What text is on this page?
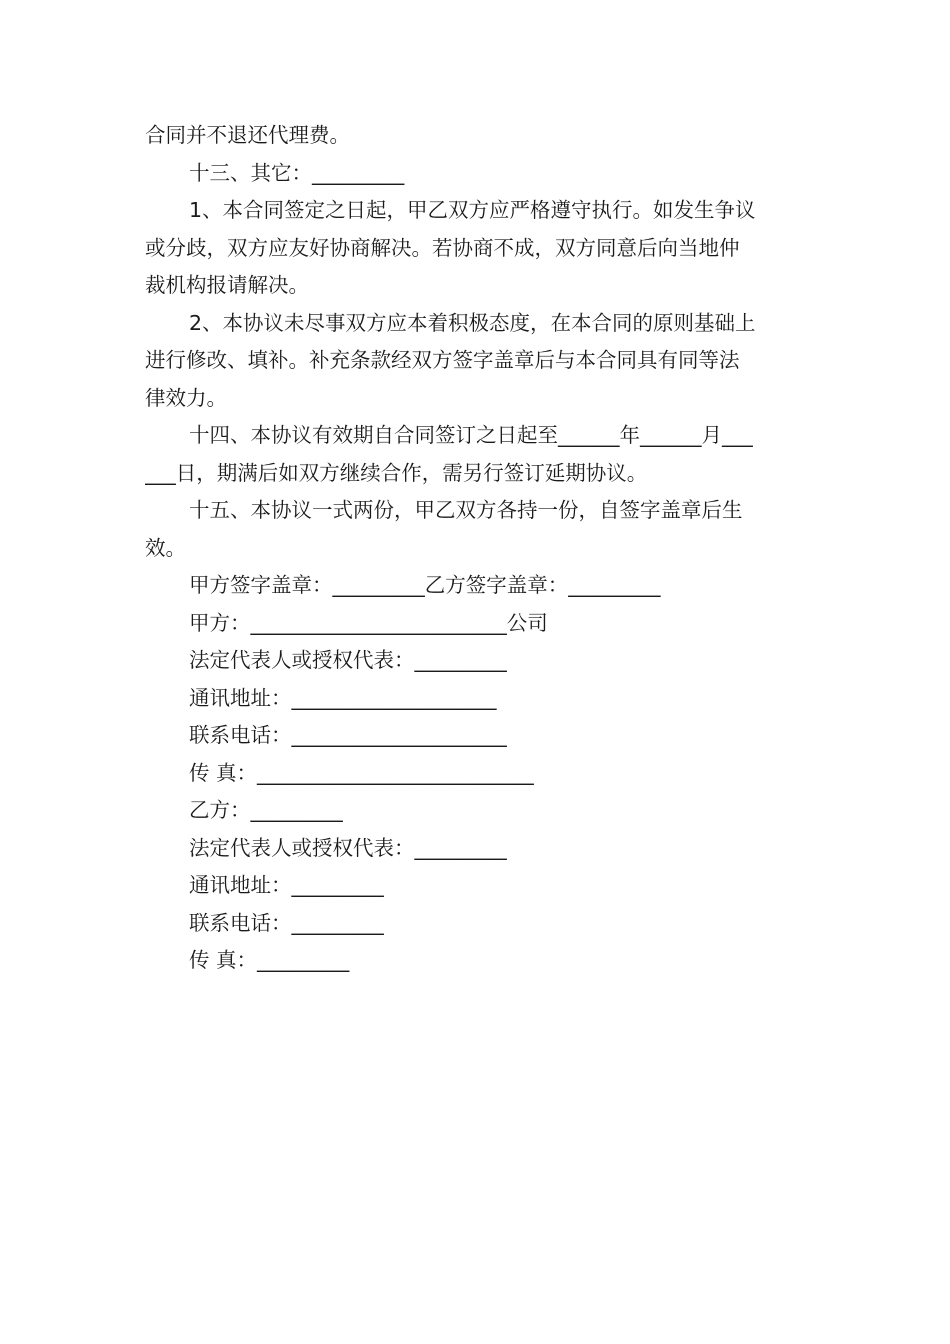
合同并不退还代理费。
十三、其它：_________
1、本合同签定之日起，甲乙双方应严格遵守执行。如发生争议
或分歧，双方应友好协商解决。若协商不成，双方同意后向当地仲
裁机构报请解决。
2、本协议未尽事双方应本着积极态度，在本合同的原则基础上
进行修改、填补。补充条款经双方签字盖章后与本合同具有同等法
律效力。
十四、本协议有效期自合同签订之日起至______年______月___
___日，期满后如双方继续合作，需另行签订延期协议。
十五、本协议一式两份，甲乙双方各持一份，自签字盖章后生
效。
甲方签字盖章：_________乙方签字盖章：_________
甲方：_________________________公司
法定代表人或授权代表：_________
通讯地址：____________________
联系电话：_____________________
传 真：___________________________
乙方：_________
法定代表人或授权代表：_________
通讯地址：_________
联系电话：_________
传 真：_________
